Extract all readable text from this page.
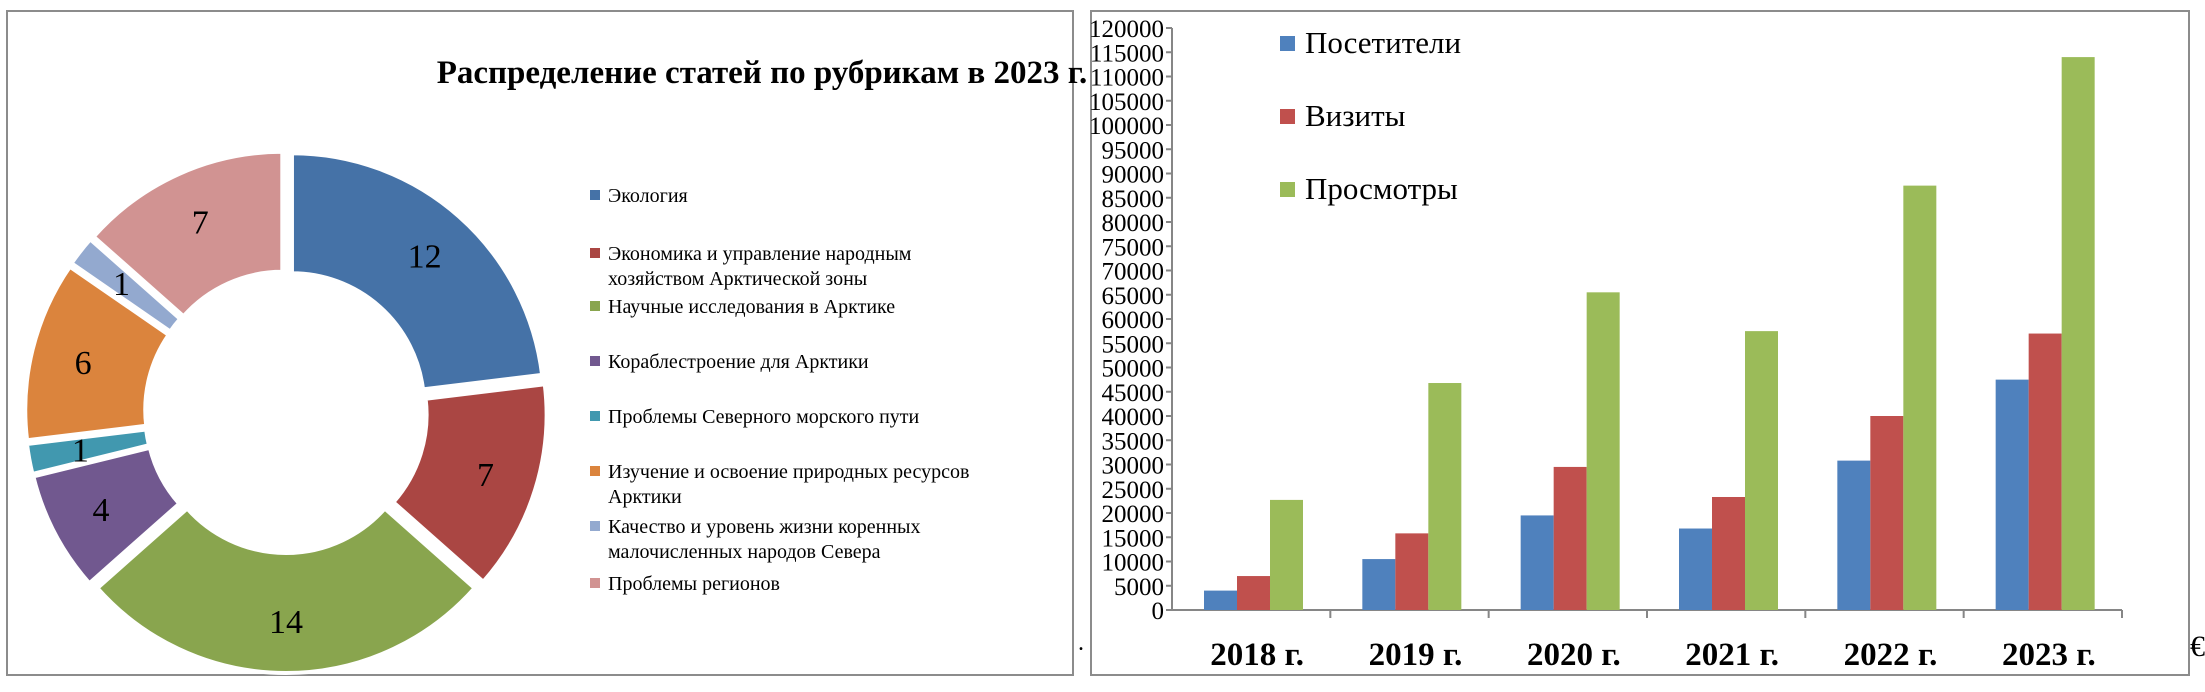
Распределение статей по рубрикам в 2023 г.
12
7
14
4
1
6
1
7
Экология
Экономика и управление народным хозяйством Арктической зоны
Научные исследования в Арктике
Кораблестроение для Арктики
Проблемы Северного морского пути
Изучение и освоение природных ресурсов Арктики
Качество и уровень жизни коренных малочисленных народов Севера
Проблемы регионов
.
0
5000
10000
15000
20000
25000
30000
35000
40000
45000
50000
55000
60000
65000
70000
75000
80000
85000
90000
95000
100000
105000
110000
115000
120000
2018 г. 2019 г. 2020 г. 2021 г. 2022 г. 2023 г.
Посетители
Визиты
Просмотры
€
